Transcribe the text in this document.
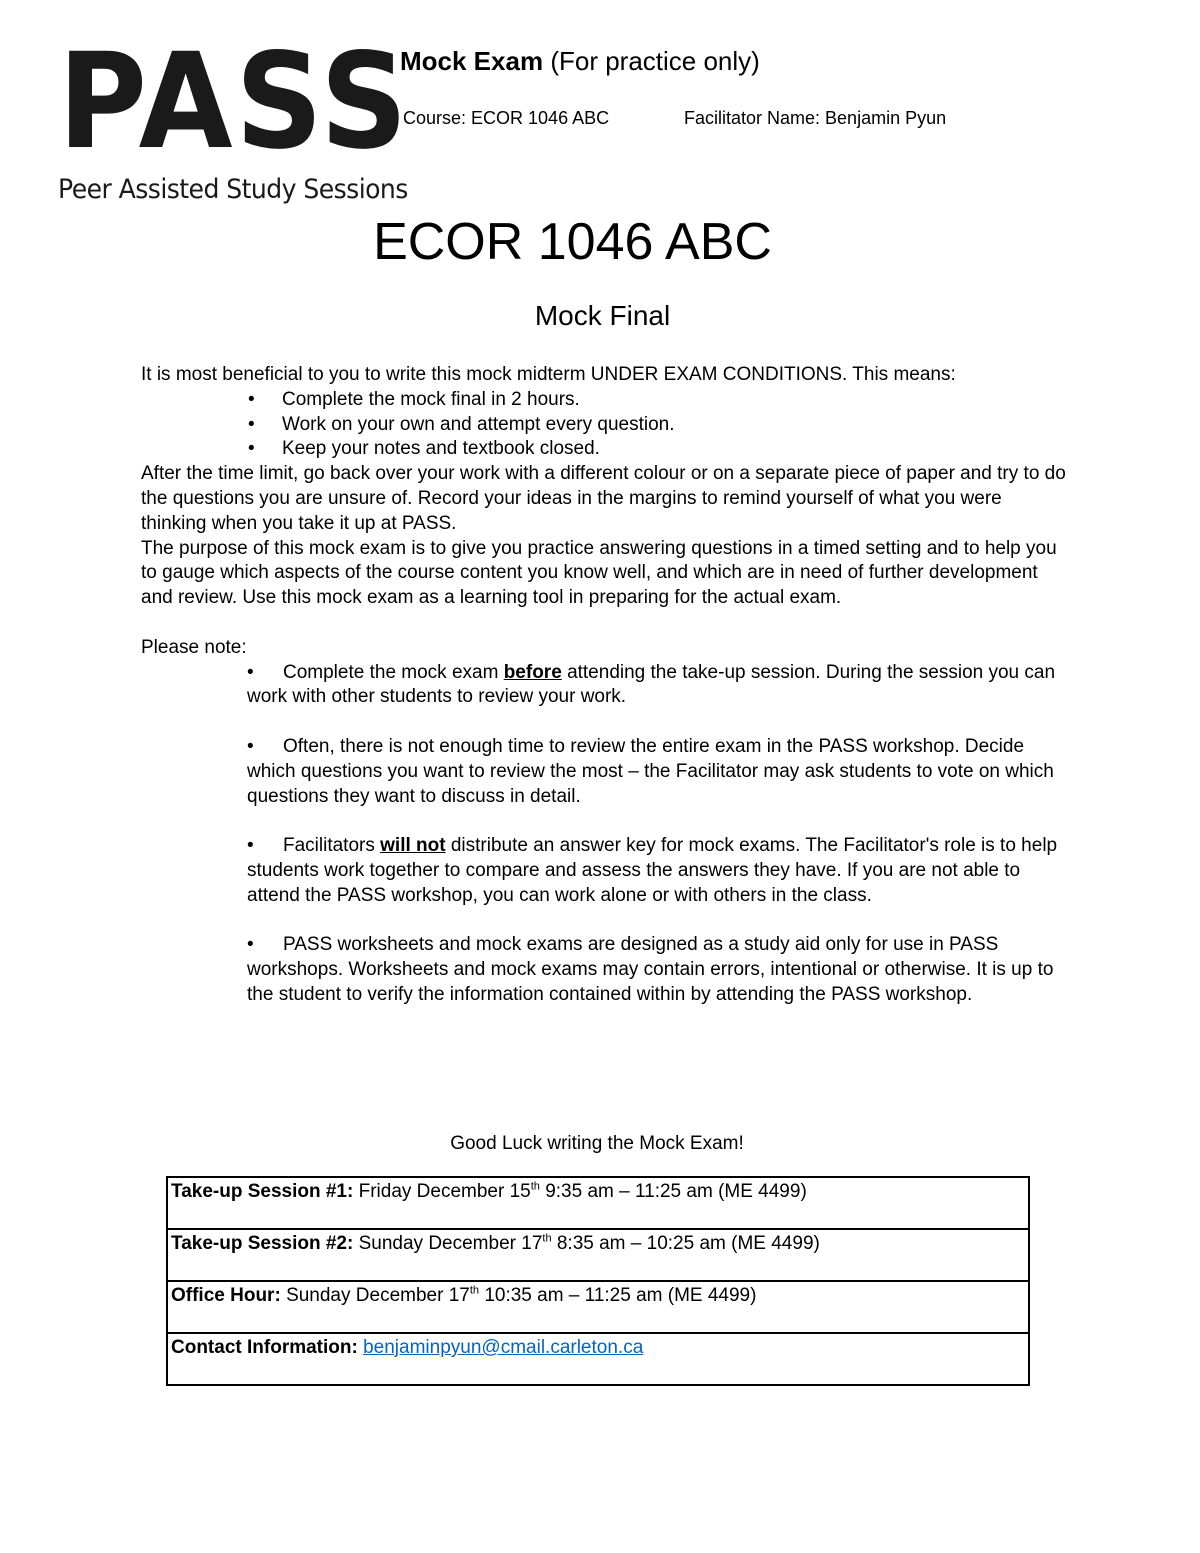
PASS
Peer Assisted Study Sessions
Mock Exam (For practice only)
Course: ECOR 1046 ABC	Facilitator Name: Benjamin Pyun
ECOR 1046 ABC
Mock Final

It is most beneficial to you to write this mock midterm UNDER EXAM CONDITIONS. This means:

• Complete the mock final in 2 hours.
• Work on your own and attempt every question.
• Keep your notes and textbook closed.

After the time limit, go back over your work with a different colour or on a separate piece of paper and try to do the questions you are unsure of. Record your ideas in the margins to remind yourself of what you were thinking when you take it up at PASS.

The purpose of this mock exam is to give you practice answering questions in a timed setting and to help you to gauge which aspects of the course content you know well, and which are in need of further development and review. Use this mock exam as a learning tool in preparing for the actual exam.

Please note:

• Complete the mock exam before attending the take-up session. During the session you can work with other students to review your work.
• Often, there is not enough time to review the entire exam in the PASS workshop. Decide which questions you want to review the most – the Facilitator may ask students to vote on which questions they want to discuss in detail.
• Facilitators will not distribute an answer key for mock exams. The Facilitator's role is to help students work together to compare and assess the answers they have. If you are not able to attend the PASS workshop, you can work alone or with others in the class.
• PASS worksheets and mock exams are designed as a study aid only for use in PASS workshops. Worksheets and mock exams may contain errors, intentional or otherwise. It is up to the student to verify the information contained within by attending the PASS workshop.
Good Luck writing the Mock Exam!
Take-up Session #1: Friday December 15th 9:35 am – 11:25 am (ME 4499)
Take-up Session #2: Sunday December 17th 8:35 am – 10:25 am (ME 4499)
Office Hour: Sunday December 17th 10:35 am – 11:25 am (ME 4499)
Contact Information: benjaminpyun@cmail.carleton.ca
